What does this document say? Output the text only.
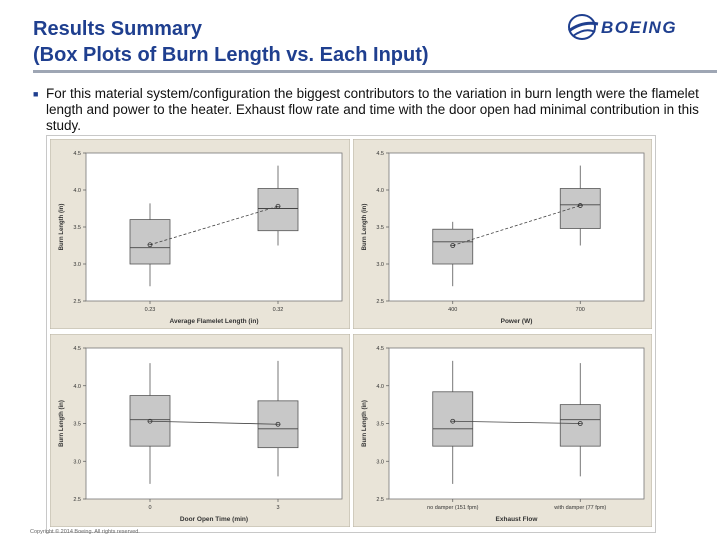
Results Summary
(Box Plots of Burn Length vs. Each Input)
BOEING
■ For this material system/configuration the biggest contributors to the variation in burn length were the flamelet length and power to the heater. Exhaust flow rate and time with the door open had minimal contribution in this study.
2.5
3.0
3.5
4.0
4.5
Burn Length (in)
Average Flamelet Length (in)
0.23	0.32
2.5
3.0
3.5
4.0
4.5
Burn Length (in)
Power (W)
400	700
2.5
3.0
3.5
4.0
4.5
Burn Length (in)
Door Open Time (min)
0	3
2.5
3.0
3.5
4.0
4.5
Burn Length (in)
Exhaust Flow
no damper (151 fpm)	with damper (77 fpm)
Copyright © 2014 Boeing. All rights reserved.
